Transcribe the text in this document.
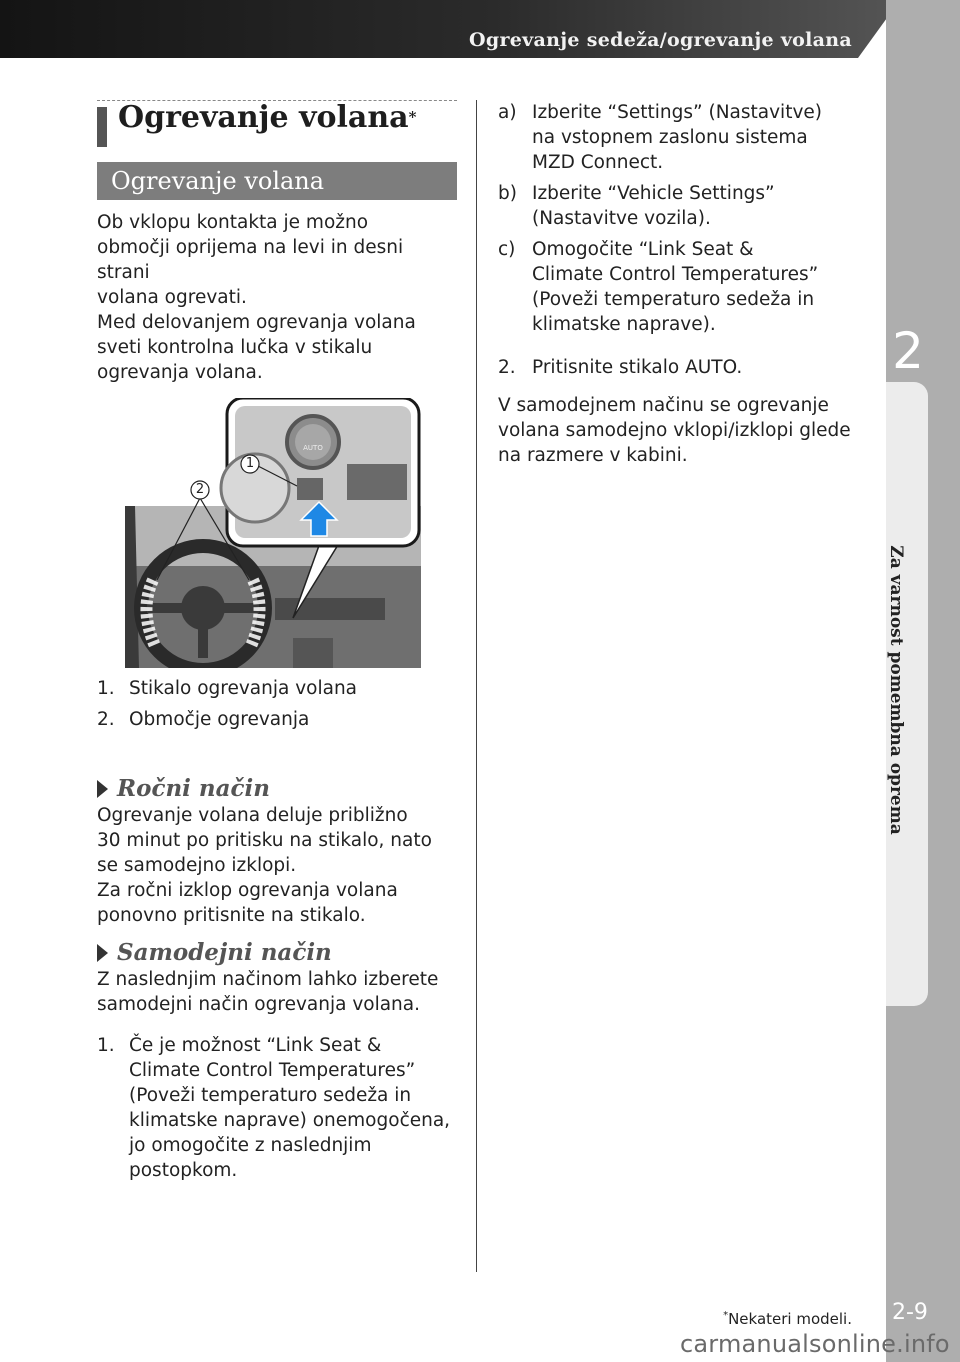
Ogrevanje sedeža/ogrevanje volana
2
Za varnost pomembna oprema
2-9
*Nekateri modeli.
carmanualsonline.info
Ogrevanje volana*
Ogrevanje volana

Ob vklopu kontakta je možno
območji oprijema na levi in desni strani
volana ogrevati.
Med delovanjem ogrevanja volana
sveti kontrolna lučka v stikalu
ogrevanja volana.

1
2
AUTO
1. Stikalo ogrevanja volana
2. Območje ogrevanja
Ročni način

Ogrevanje volana deluje približno
30 minut po pritisku na stikalo, nato
se samodejno izklopi.
Za ročni izklop ogrevanja volana
ponovno pritisnite na stikalo.

Samodejni način

Z naslednjim načinom lahko izberete
samodejni način ogrevanja volana.

1. Če je možnost “Link Seat &
Climate Control Temperatures”
(Poveži temperaturo sedeža in
klimatske naprave) onemogočena,
jo omogočite z naslednjim
postopkom.
a) Izberite “Settings” (Nastavitve)
na vstopnem zaslonu sistema
MZD Connect.
b) Izberite “Vehicle Settings”
(Nastavitve vozila).
c) Omogočite “Link Seat &
Climate Control Temperatures”
(Poveži temperaturo sedeža in
klimatske naprave).
2. Pritisnite stikalo AUTO.

V samodejnem načinu se ogrevanje
volana samodejno vklopi/izklopi glede
na razmere v kabini.
